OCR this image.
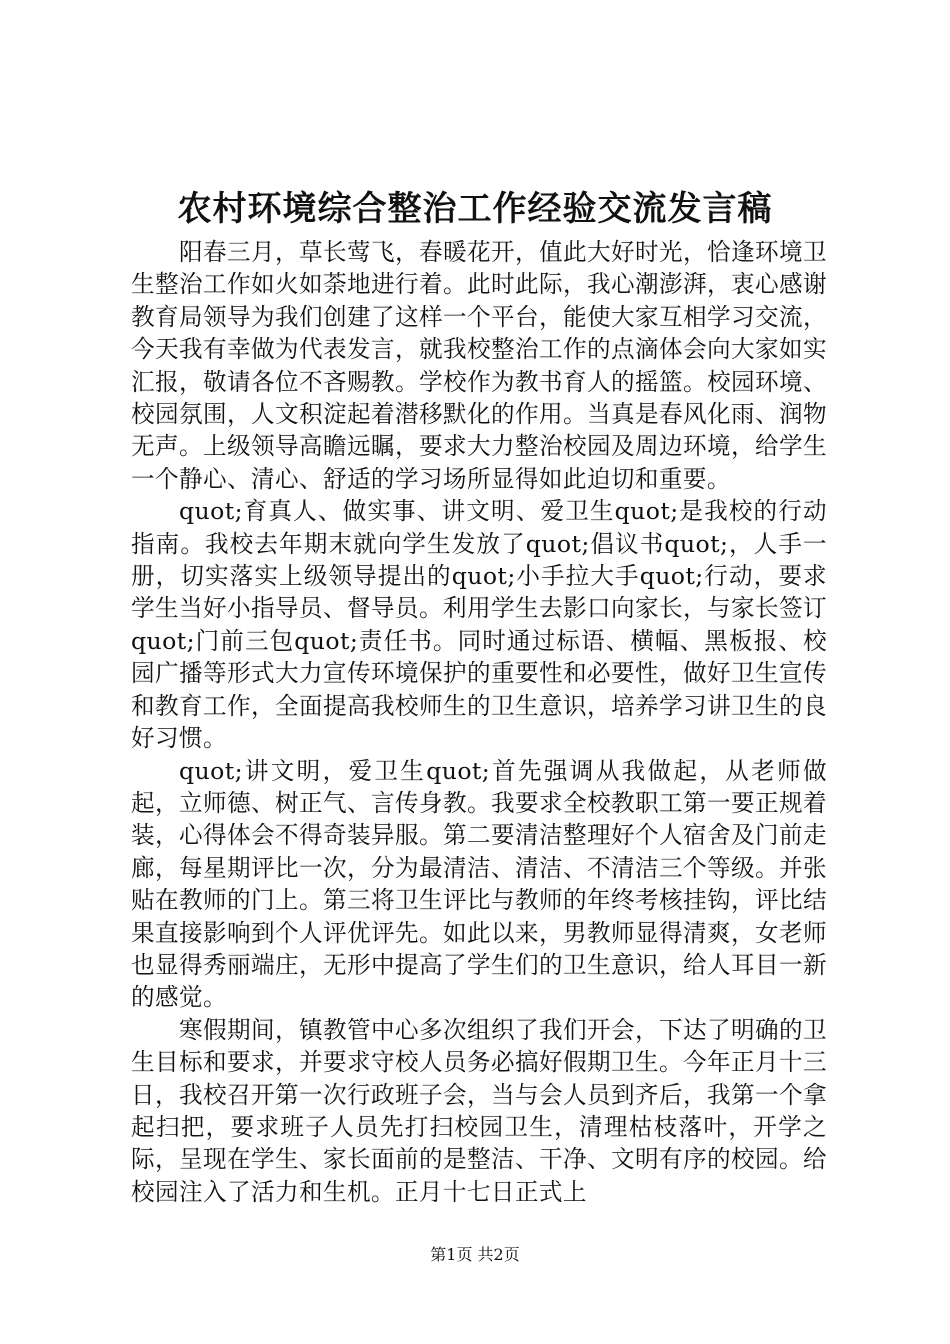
农村环境综合整治工作经验交流发言稿

阳春三月，草长莺飞，春暖花开，值此大好时光，恰逢环境卫生整治工作如火如荼地进行着。此时此际，我心潮澎湃，衷心感谢教育局领导为我们创建了这样一个平台，能使大家互相学习交流，今天我有幸做为代表发言，就我校整治工作的点滴体会向大家如实汇报，敬请各位不吝赐教。学校作为教书育人的摇篮。校园环境、校园氛围，人文积淀起着潜移默化的作用。当真是春风化雨、润物无声。上级领导高瞻远瞩，要求大力整治校园及周边环境，给学生一个静心、清心、舒适的学习场所显得如此迫切和重要。

quot;育真人、做实事、讲文明、爱卫生quot;是我校的行动指南。我校去年期末就向学生发放了quot;倡议书quot;，人手一册，切实落实上级领导提出的quot;小手拉大手quot;行动，要求学生当好小指导员、督导员。利用学生去影口向家长，与家长签订quot;门前三包quot;责任书。同时通过标语、横幅、黑板报、校园广播等形式大力宣传环境保护的重要性和必要性，做好卫生宣传和教育工作，全面提高我校师生的卫生意识，培养学习讲卫生的良好习惯。

quot;讲文明，爱卫生quot;首先强调从我做起，从老师做起，立师德、树正气、言传身教。我要求全校教职工第一要正规着装，心得体会不得奇装异服。第二要清洁整理好个人宿舍及门前走廊，每星期评比一次，分为最清洁、清洁、不清洁三个等级。并张贴在教师的门上。第三将卫生评比与教师的年终考核挂钩，评比结果直接影响到个人评优评先。如此以来，男教师显得清爽，女老师也显得秀丽端庄，无形中提高了学生们的卫生意识，给人耳目一新的感觉。

寒假期间，镇教管中心多次组织了我们开会，下达了明确的卫生目标和要求，并要求守校人员务必搞好假期卫生。今年正月十三日，我校召开第一次行政班子会，当与会人员到齐后，我第一个拿起扫把，要求班子人员先打扫校园卫生，清理枯枝落叶，开学之际，呈现在学生、家长面前的是整洁、干净、文明有序的校园。给校园注入了活力和生机。正月十七日正式上

第1页 共2页
